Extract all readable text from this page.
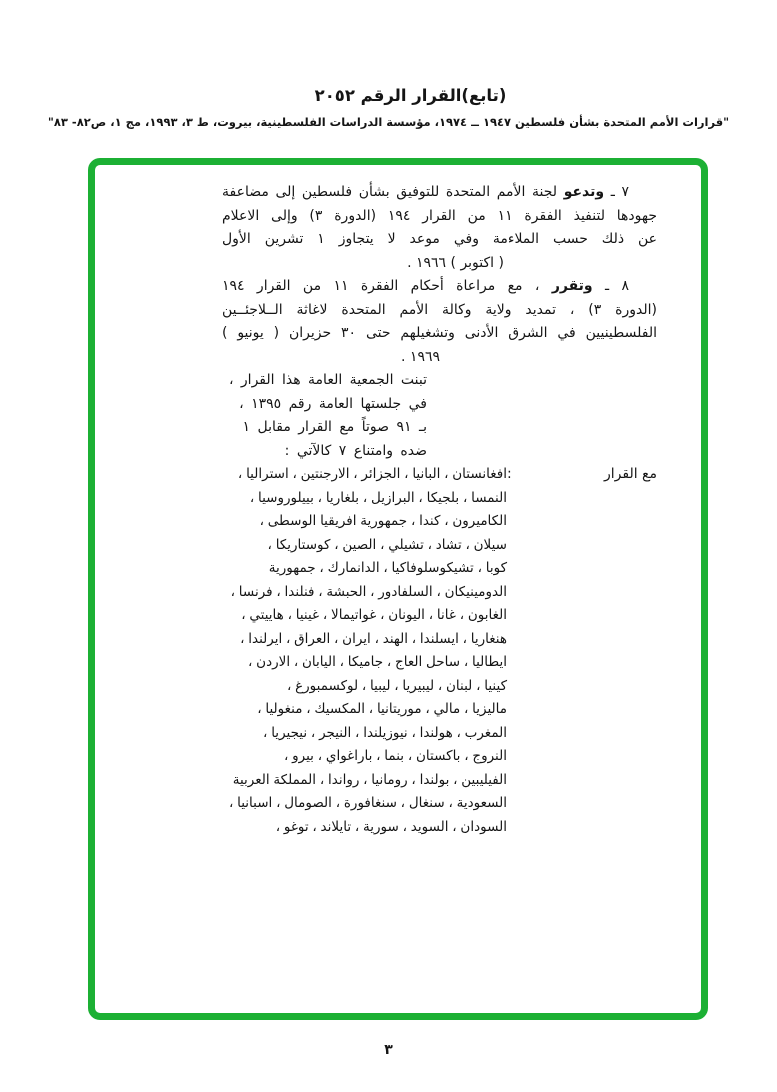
(تابع)القرار الرقم ٢٠٥٢
"قرارات الأمم المتحدة بشأن فلسطين ١٩٤٧ ــ ١٩٧٤، مؤسسة الدراسات الفلسطينية، بيروت، ط ٣، ١٩٩٣، مج ١، ص٨٢- ٨٣"
٧ ـ وتدعو لجنة الأمم المتحدة للتوفيق بشأن فلسطين إلى مضاعفة
جهودها لتنفيذ الفقرة ١١ من القرار ١٩٤ (الدورة ٣) وإلى الاعلام
عن ذلك حسب الملاءمة وفي موعد لا يتجاوز ١ تشرين الأول
( اكتوبر ) ١٩٦٦ .
٨ ـ وتقرر ، مع مراعاة أحكام الفقرة ١١ من القرار ١٩٤
(الدورة ٣) ، تمديد ولاية وكالة الأمم المتحدة لاغاثة الــلاجئــين
الفلسطينيين في الشرق الأدنى وتشغيلهم حتى ٣٠ حزيران ( يونيو )
١٩٦٩ .
تبنت الجمعية العامة هذا القرار ،
في جلستها العامة رقم ١٣٩٥ ،
بـ ٩١ صوتاً مع القرار مقابل ١
ضده وامتناع ٧ كالآتي :
مع القرار
:
افغانستان ، البانيا ، الجزائر ، الارجنتين ، استراليا ،
النمسا ، بلجيكا ، البرازيل ، بلغاريا ، بييلوروسيا ،
الكاميرون ، كندا ، جمهورية افريقيا الوسطى ،
سيلان ، تشاد ، تشيلي ، الصين ، كوستاريكا ،
كوبا ، تشيكوسلوفاكيا ، الدانمارك ، جمهورية
الدومينيكان ، السلفادور ، الحبشة ، فنلندا ، فرنسا ،
الغابون ، غانا ، اليونان ، غواتيمالا ، غينيا ، هاييتي ،
هنغاريا ، ايسلندا ، الهند ، ايران ، العراق ، ايرلندا ،
ايطاليا ، ساحل العاج ، جاميكا ، اليابان ، الاردن ،
كينيا ، لبنان ، ليبيريا ، ليبيا ، لوكسمبورغ ،
ماليزيا ، مالي ، موريتانيا ، المكسيك ، منغوليا ،
المغرب ، هولندا ، نيوزيلندا ، النيجر ، نيجيريا ،
النروج ، باكستان ، بنما ، باراغواي ، بيرو ،
الفيليبين ، بولندا ، رومانيا ، رواندا ، المملكة العربية
السعودية ، سنغال ، سنغافورة ، الصومال ، اسبانيا ،
السودان ، السويد ، سورية ، تايلاند ، توغو ،
٣
